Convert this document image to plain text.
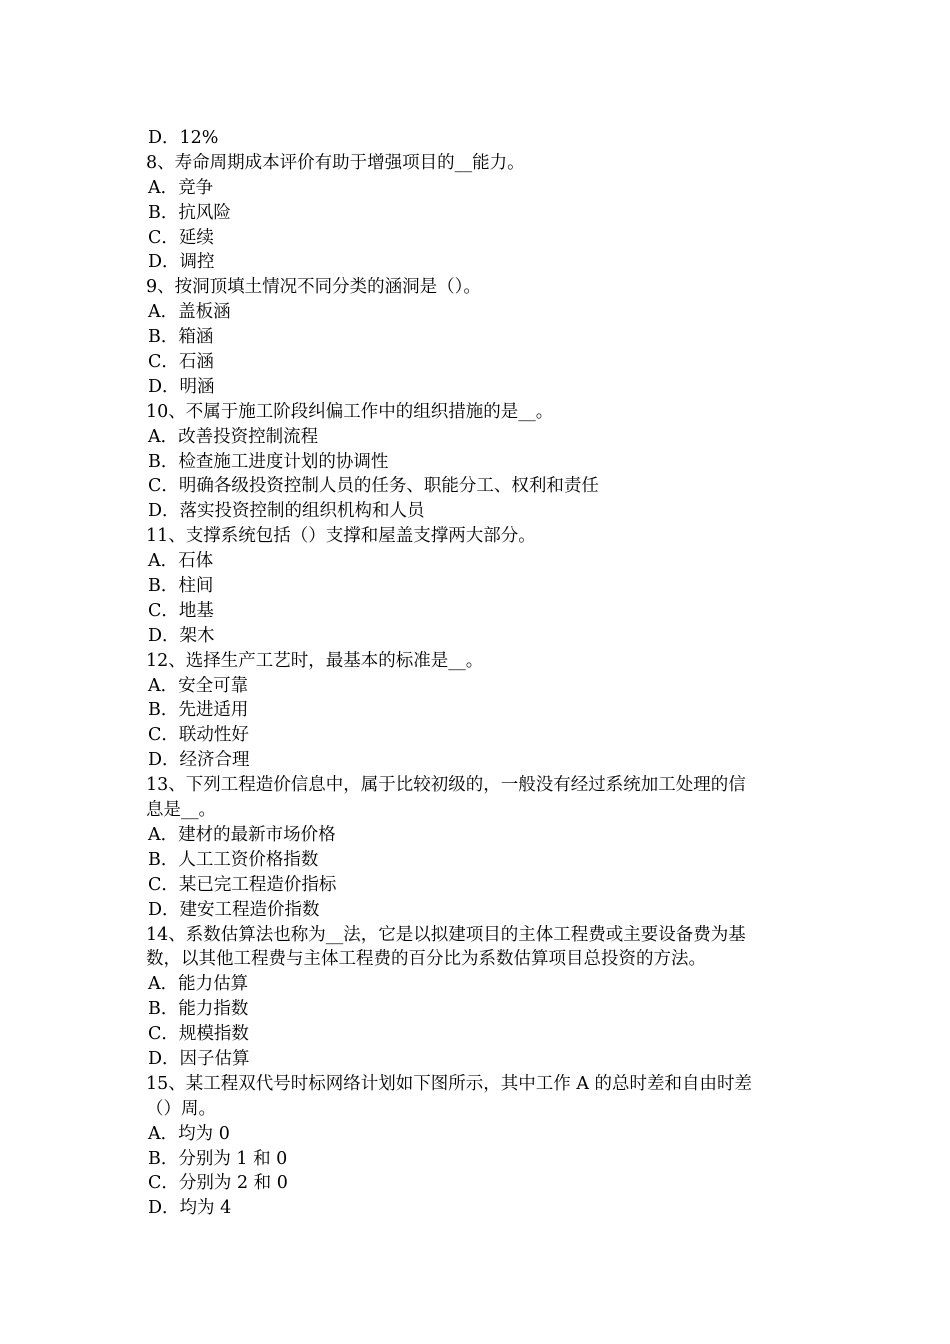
D．12%
8、寿命周期成本评价有助于增强项目的__能力。
A．竞争
B．抗风险
C．延续
D．调控
9、按洞顶填土情况不同分类的涵洞是（）。
A．盖板涵
B．箱涵
C．石涵
D．明涵
10、不属于施工阶段纠偏工作中的组织措施的是__。
A．改善投资控制流程
B．检查施工进度计划的协调性
C．明确各级投资控制人员的任务、职能分工、权利和责任
D．落实投资控制的组织机构和人员
11、支撑系统包括（）支撑和屋盖支撑两大部分。
A．石体
B．柱间
C．地基
D．架木
12、选择生产工艺时，最基本的标准是__。
A．安全可靠
B．先进适用
C．联动性好
D．经济合理
13、下列工程造价信息中，属于比较初级的，一般没有经过系统加工处理的信
息是__。
A．建材的最新市场价格
B．人工工资价格指数
C．某已完工程造价指标
D．建安工程造价指数
14、系数估算法也称为__法，它是以拟建项目的主体工程费或主要设备费为基
数，以其他工程费与主体工程费的百分比为系数估算项目总投资的方法。
A．能力估算
B．能力指数
C．规模指数
D．因子估算
15、某工程双代号时标网络计划如下图所示，其中工作 A 的总时差和自由时差
（）周。
A．均为 0
B．分别为 1 和 0
C．分别为 2 和 0
D．均为 4
